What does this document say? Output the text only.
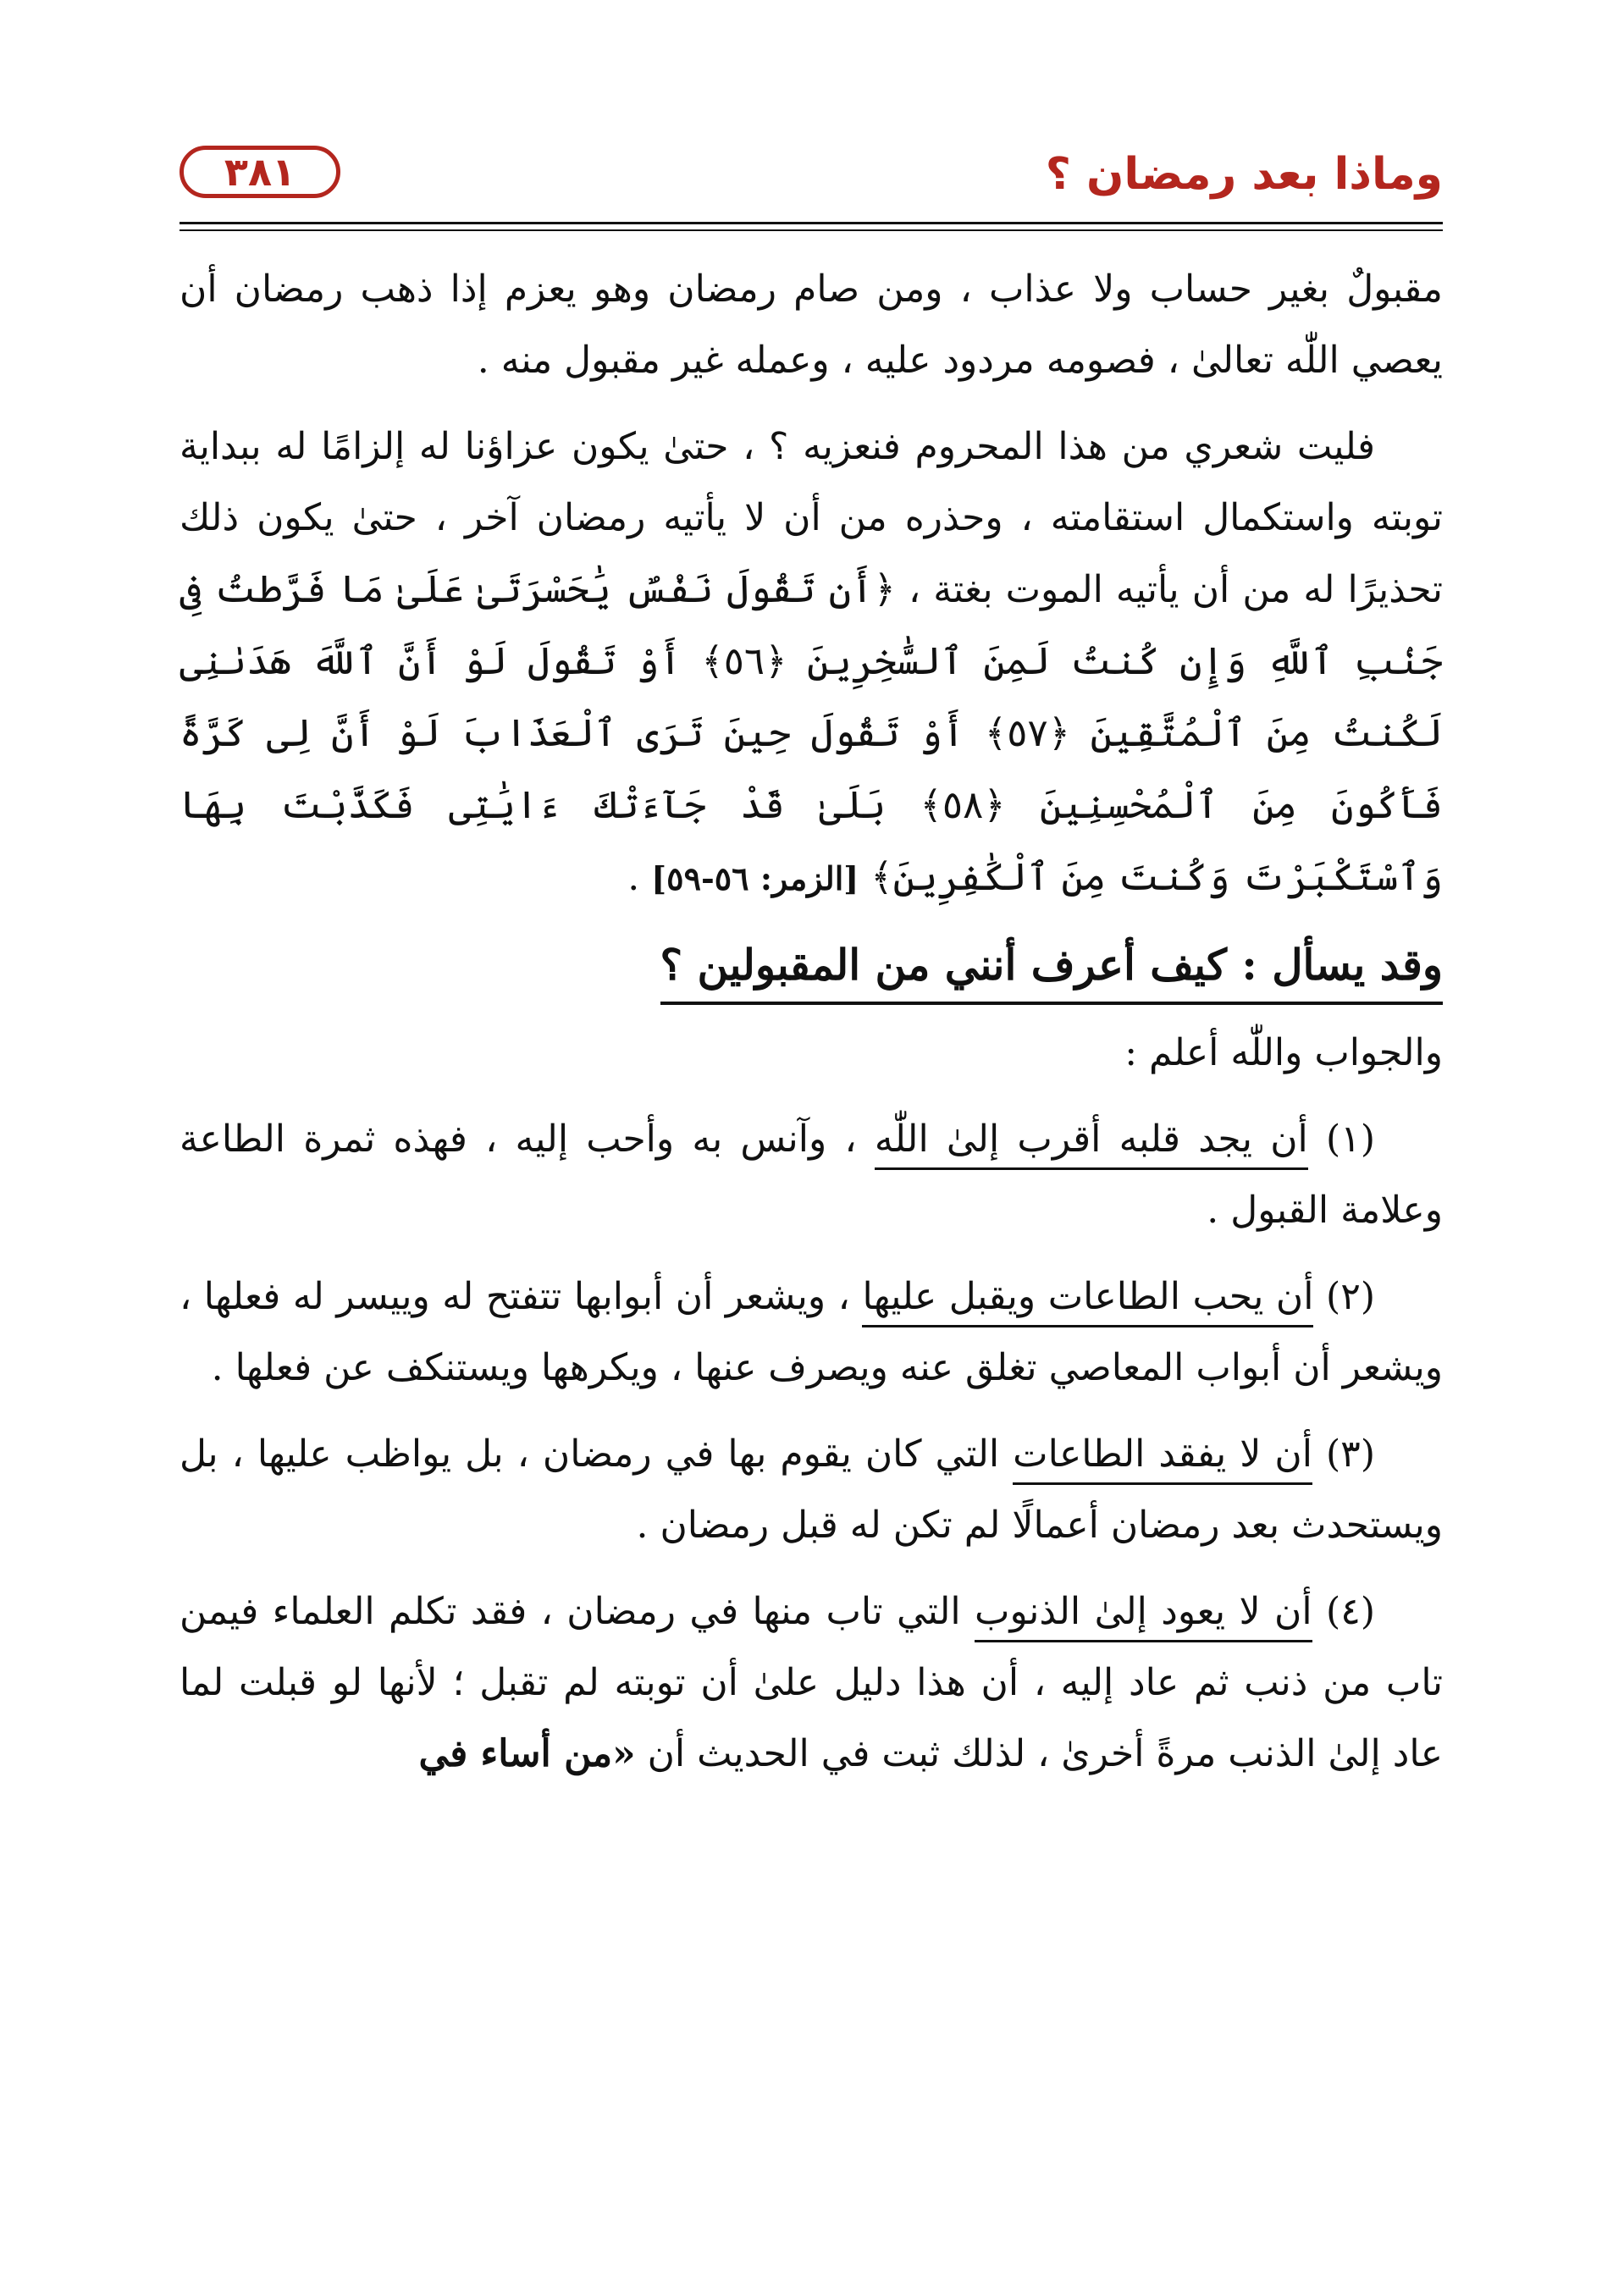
وماذا بعد رمضان ؟
٣٨١

مقبولٌ بغير حساب ولا عذاب ، ومن صام رمضان وهو يعزم إذا ذهب رمضان أن يعصي اللّٰه تعالىٰ ، فصومه مردود عليه ، وعمله غير مقبول منه .

فليت شعري من هذا المحروم فنعزيه ؟ ، حتىٰ يكون عزاؤنا له إلزامًا له ببداية توبته واستكمال استقامته ، وحذره من أن لا يأتيه رمضان آخر ، حتىٰ يكون ذلك تحذيرًا له من أن يأتيه الموت بغتة ، ﴿أَن تَقُولَ نَفْسٌ يَٰحَسْرَتَىٰ عَلَىٰ مَا فَرَّطتُ فِى جَنۢبِ ٱللَّهِ وَإِن كُنتُ لَمِنَ ٱلسَّٰخِرِينَ ﴿٥٦﴾ أَوْ تَقُولَ لَوْ أَنَّ ٱللَّهَ هَدَىٰنِى لَكُنتُ مِنَ ٱلْمُتَّقِينَ ﴿٥٧﴾ أَوْ تَقُولَ حِينَ تَرَى ٱلْعَذَابَ لَوْ أَنَّ لِى كَرَّةً فَأَكُونَ مِنَ ٱلْمُحْسِنِينَ ﴿٥٨﴾ بَلَىٰ قَدْ جَآءَتْكَ ءَايَٰتِى فَكَذَّبْتَ بِهَا وَٱسْتَكْبَرْتَ وَكُنتَ مِنَ ٱلْكَٰفِرِينَ﴾ [الزمر: ٥٦-٥٩] .

وقد يسأل : كيف أعرف أنني من المقبولين ؟

والجواب واللّٰه أعلم :

(١) أن يجد قلبه أقرب إلىٰ اللّٰه ، وآنس به وأحب إليه ، فهذه ثمرة الطاعة وعلامة القبول .

(٢) أن يحب الطاعات ويقبل عليها ، ويشعر أن أبوابها تتفتح له وييسر له فعلها ، ويشعر أن أبواب المعاصي تغلق عنه ويصرف عنها ، ويكرهها ويستنكف عن فعلها .

(٣) أن لا يفقد الطاعات التي كان يقوم بها في رمضان ، بل يواظب عليها ، بل ويستحدث بعد رمضان أعمالًا لم تكن له قبل رمضان .

(٤) أن لا يعود إلىٰ الذنوب التي تاب منها في رمضان ، فقد تكلم العلماء فيمن تاب من ذنب ثم عاد إليه ، أن هذا دليل علىٰ أن توبته لم تقبل ؛ لأنها لو قبلت لما عاد إلىٰ الذنب مرةً أخرىٰ ، لذلك ثبت في الحديث أن «من أساء في
